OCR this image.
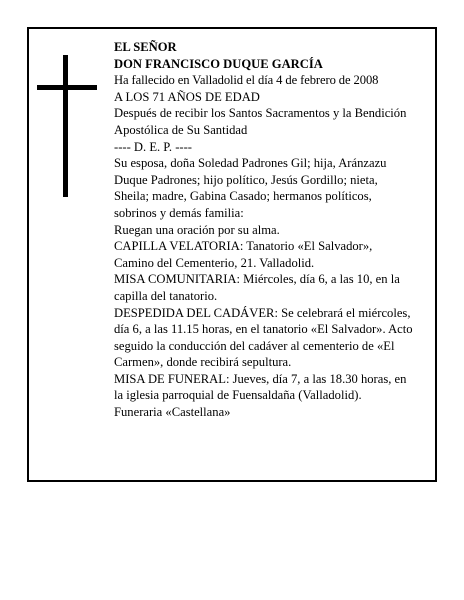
EL SEÑOR

DON FRANCISCO DUQUE GARCÍA

Ha fallecido en Valladolid el día 4 de febrero de 2008

A LOS 71 AÑOS DE EDAD

Después de recibir los Santos Sacramentos y la Bendición Apostólica de Su Santidad

---- D. E. P. ----

Su esposa, doña Soledad Padrones Gil; hija, Aránzazu Duque Padrones; hijo político, Jesús Gordillo; nieta, Sheila; madre, Gabina Casado; hermanos políticos, sobrinos y demás familia:

Ruegan una oración por su alma.

CAPILLA VELATORIA: Tanatorio «El Salvador», Camino del Cementerio, 21. Valladolid.

MISA COMUNITARIA: Miércoles, día 6, a las 10, en la capilla del tanatorio.

DESPEDIDA DEL CADÁVER: Se celebrará el miércoles, día 6, a las 11.15 horas, en el tanatorio «El Salvador». Acto seguido la conducción del cadáver al cementerio de «El Carmen», donde recibirá sepultura.

MISA DE FUNERAL: Jueves, día 7, a las 18.30 horas, en la iglesia parroquial de Fuensaldaña (Valladolid).

Funeraria «Castellana»
